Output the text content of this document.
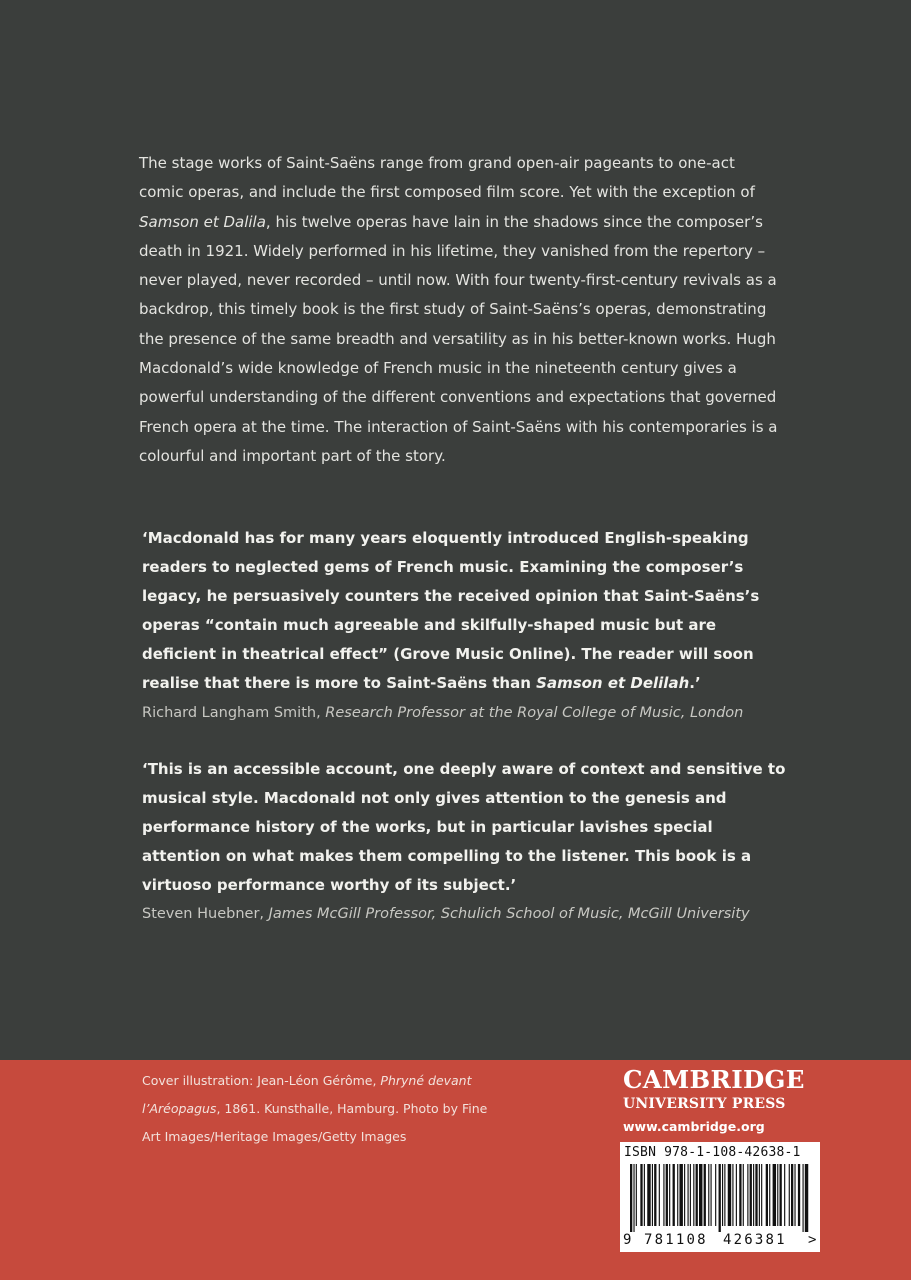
The stage works of Saint-Saëns range from grand open-air pageants to one-act comic operas, and include the first composed film score. Yet with the exception of Samson et Dalila, his twelve operas have lain in the shadows since the composer’s death in 1921. Widely performed in his lifetime, they vanished from the repertory – never played, never recorded – until now. With four twenty-first-century revivals as a backdrop, this timely book is the first study of Saint-Saëns’s operas, demonstrating the presence of the same breadth and versatility as in his better-known works. Hugh Macdonald’s wide knowledge of French music in the nineteenth century gives a powerful understanding of the different conventions and expectations that governed French opera at the time. The interaction of Saint-Saëns with his contemporaries is a colourful and important part of the story.

‘Macdonald has for many years eloquently introduced English-speaking readers to neglected gems of French music. Examining the composer’s legacy, he persuasively counters the received opinion that Saint-Saëns’s operas “contain much agreeable and skilfully-shaped music but are deficient in theatrical effect” (Grove Music Online). The reader will soon realise that there is more to Saint-Saëns than Samson et Delilah.’

Richard Langham Smith, Research Professor at the Royal College of Music, London

‘This is an accessible account, one deeply aware of context and sensitive to musical style. Macdonald not only gives attention to the genesis and performance history of the works, but in particular lavishes special attention on what makes them compelling to the listener. This book is a virtuoso performance worthy of its subject.’

Steven Huebner, James McGill Professor, Schulich School of Music, McGill University
Cover illustration: Jean-Léon Gérôme, Phryné devant l’Aréopagus, 1861. Kunsthalle, Hamburg. Photo by Fine Art Images/Heritage Images/Getty Images
CAMBRIDGE
UNIVERSITY PRESS
www.cambridge.org
ISBN 978-1-108-42638-1
9 781108 426381 >
